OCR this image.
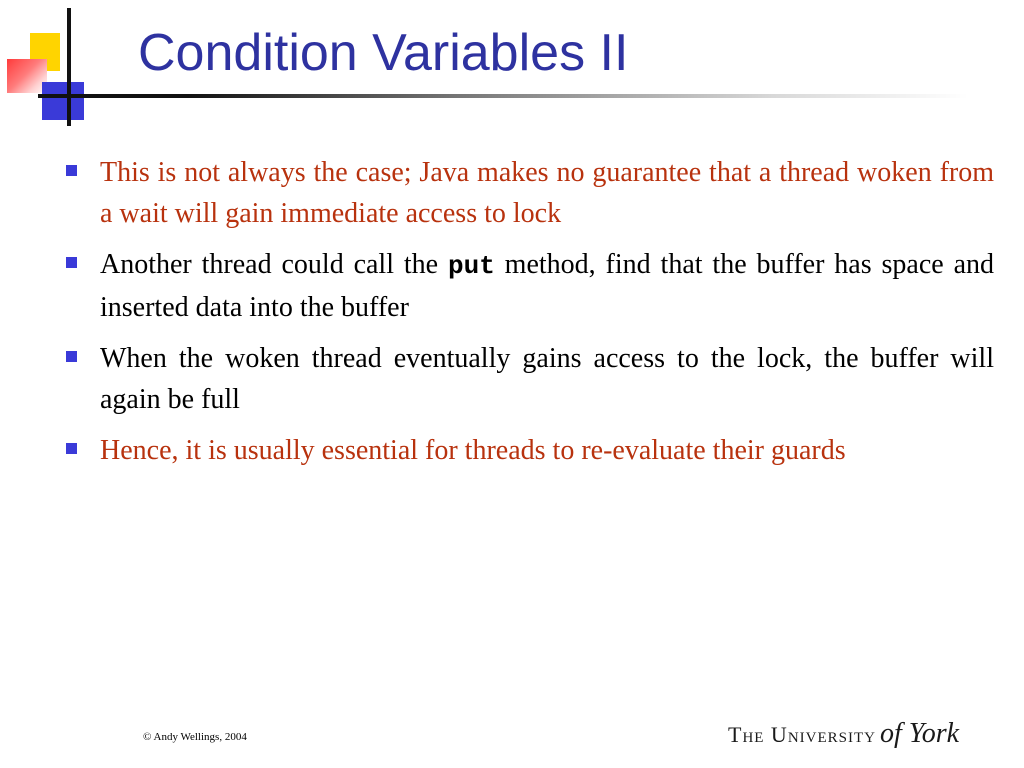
Condition Variables II
This is not always the case; Java makes no guarantee that a thread woken from a wait will gain immediate access to lock
Another thread could call the put method, find that the buffer has space and inserted data into the buffer
When the woken thread eventually gains access to the lock, the buffer will again be full
Hence, it is usually essential for threads to re-evaluate their guards
© Andy Wellings, 2004	The University of York
